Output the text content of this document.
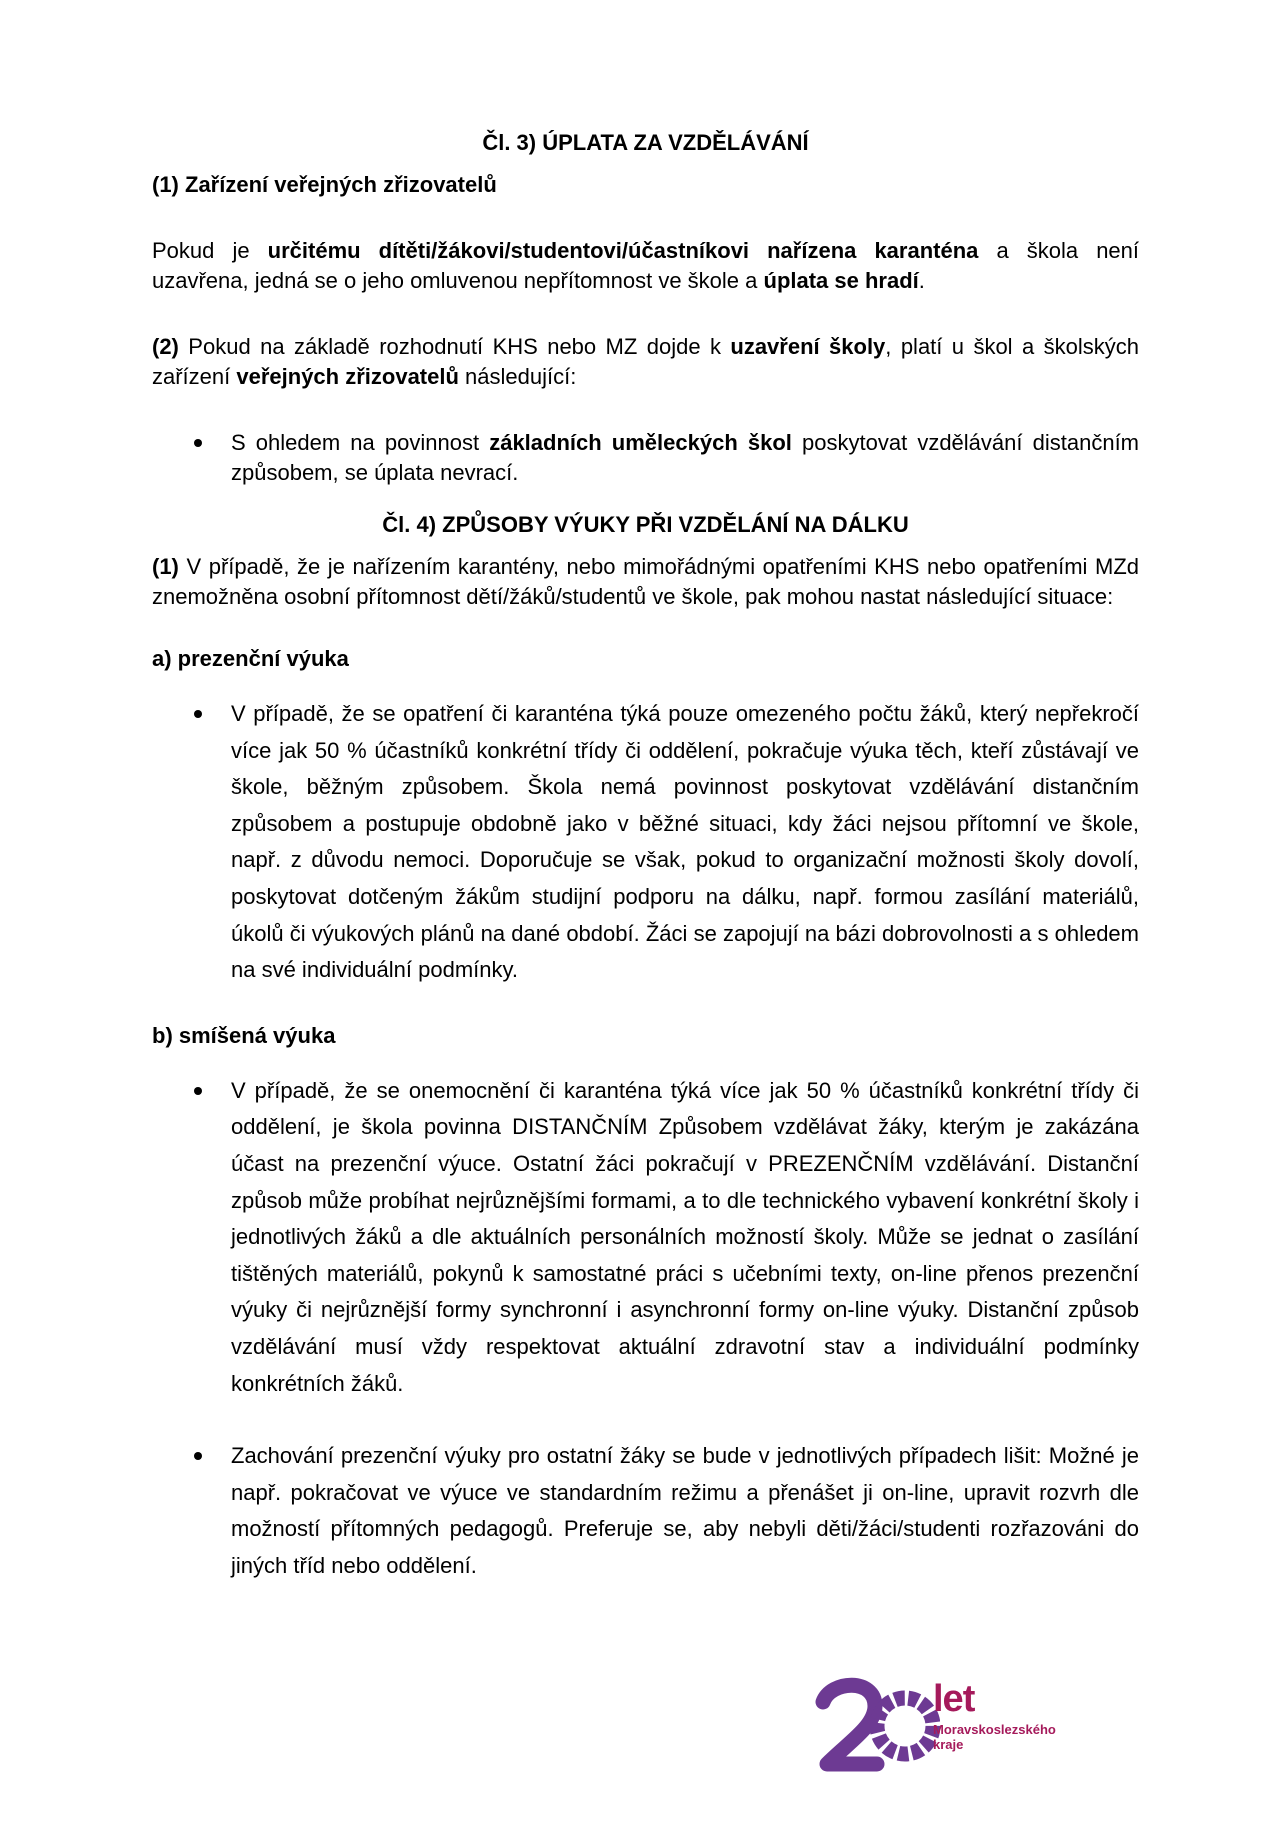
Čl. 3) ÚPLATA ZA VZDĚLÁVÁNÍ
(1) Zařízení veřejných zřizovatelů

Pokud je určitému dítěti/žákovi/studentovi/účastníkovi nařízena karanténa a škola není uzavřena, jedná se o jeho omluvenou nepřítomnost ve škole a úplata se hradí.

(2) Pokud na základě rozhodnutí KHS nebo MZ dojde k uzavření školy, platí u škol a školských zařízení veřejných zřizovatelů následující:

S ohledem na povinnost základních uměleckých škol poskytovat vzdělávání distančním způsobem, se úplata nevrací.
Čl. 4) ZPŮSOBY VÝUKY PŘI VZDĚLÁNÍ NA DÁLKU

(1) V případě, že je nařízením karantény, nebo mimořádnými opatřeními KHS nebo opatřeními MZd znemožněna osobní přítomnost dětí/žáků/studentů ve škole, pak mohou nastat následující situace:

a) prezenční výuka
V případě, že se opatření či karanténa týká pouze omezeného počtu žáků, který nepřekročí více jak 50 % účastníků konkrétní třídy či oddělení, pokračuje výuka těch, kteří zůstávají ve škole, běžným způsobem. Škola nemá povinnost poskytovat vzdělávání distančním způsobem a postupuje obdobně jako v běžné situaci, kdy žáci nejsou přítomní ve škole, např. z důvodu nemoci. Doporučuje se však, pokud to organizační možnosti školy dovolí, poskytovat dotčeným žákům studijní podporu na dálku, např. formou zasílání materiálů, úkolů či výukových plánů na dané období. Žáci se zapojují na bázi dobrovolnosti a s ohledem na své individuální podmínky.
b) smíšená výuka
V případě, že se onemocnění či karanténa týká více jak 50 % účastníků konkrétní třídy či oddělení, je škola povinna DISTANČNÍM Způsobem vzdělávat žáky, kterým je zakázána účast na prezenční výuce. Ostatní žáci pokračují v PREZENČNÍM vzdělávání. Distanční způsob může probíhat nejrůznějšími formami, a to dle technického vybavení konkrétní školy i jednotlivých žáků a dle aktuálních personálních možností školy. Může se jednat o zasílání tištěných materiálů, pokynů k samostatné práci s učebními texty, on-line přenos prezenční výuky či nejrůznější formy synchronní i asynchronní formy on-line výuky. Distanční způsob vzdělávání musí vždy respektovat aktuální zdravotní stav a individuální podmínky konkrétních žáků.
Zachování prezenční výuky pro ostatní žáky se bude v jednotlivých případech lišit: Možné je např. pokračovat ve výuce ve standardním režimu a přenášet ji on-line, upravit rozvrh dle možností přítomných pedagogů. Preferuje se, aby nebyli děti/žáci/studenti rozřazováni do jiných tříd nebo oddělení.
let
Moravskoslezského
kraje
